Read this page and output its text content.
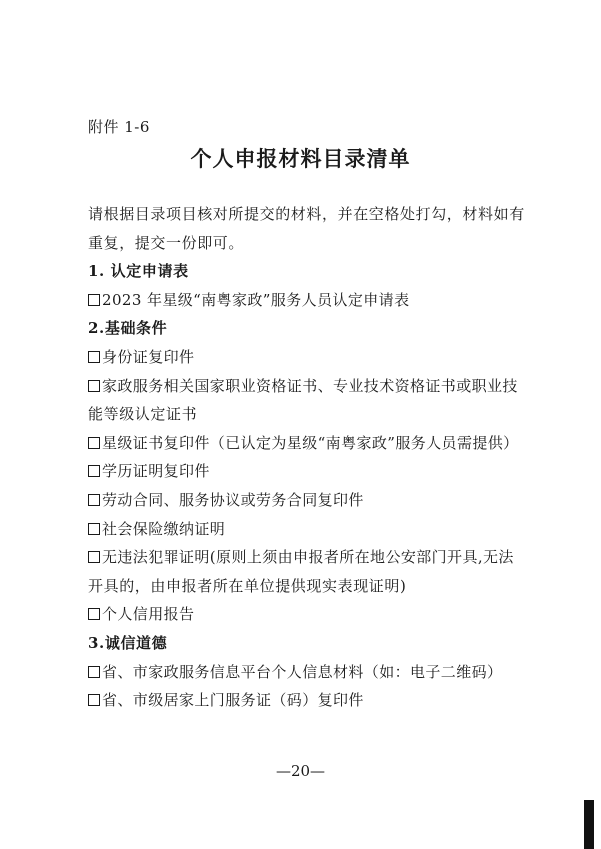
附件 1-6
个人申报材料目录清单

请根据目录项目核对所提交的材料，并在空格处打勾，材料如有

重复，提交一份即可。

1. 认定申请表

2023 年星级“南粤家政”服务人员认定申请表

2.基础条件

身份证复印件
家政服务相关国家职业资格证书、专业技术资格证书或职业技

能等级认定证书

星级证书复印件（已认定为星级“南粤家政”服务人员需提供）
学历证明复印件
劳动合同、服务协议或劳务合同复印件
社会保险缴纳证明
无违法犯罪证明(原则上须由申报者所在地公安部门开具,无法

开具的，由申报者所在单位提供现实表现证明)

个人信用报告

3.诚信道德

省、市家政服务信息平台个人信息材料（如：电子二维码）
省、市级居家上门服务证（码）复印件
—20—
